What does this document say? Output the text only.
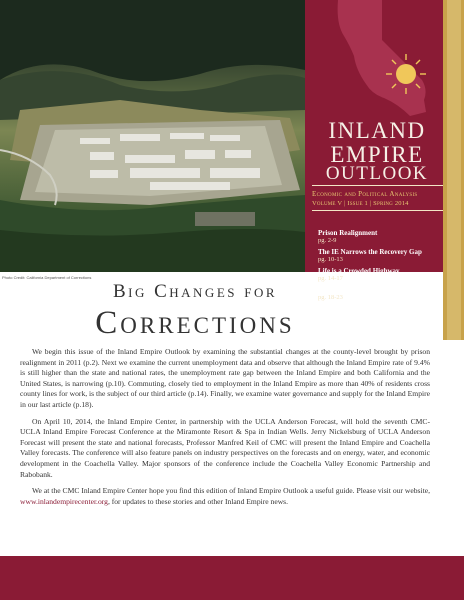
Photo Credit: California Department of Corrections
INLAND
EMPIRE
OUTLOOK
Economic and Political Analysis
Volume V | Issue 1 | Spring 2014
Prison Realignment
pg. 2-9
The IE Narrows the Recovery Gap
pg. 10-13
Life is a Crowded Highway
pg. 14-17
Water in the Inland Empire
pg. 18-23
Big Changes for
Corrections

We begin this issue of the Inland Empire Outlook by examining the substantial changes at the county-level brought by prison realignment in 2011 (p.2). Next we examine the current unemployment data and observe that although the Inland Empire rate of 9.4% is still higher than the state and national rates, the unemployment rate gap between the Inland Empire and both California and the United States, is narrowing (p.10). Commuting, closely tied to employment in the Inland Empire as more than 40% of residents cross county lines for work, is the subject of our third article (p.14). Finally, we examine water governance and supply for the Inland Empire in our last article (p.18).

On April 10, 2014, the Inland Empire Center, in partnership with the UCLA Anderson Forecast, will hold the seventh CMC-UCLA Inland Empire Forecast Conference at the Miramonte Resort & Spa in Indian Wells. Jerry Nickelsburg of UCLA Anderson Forecast will present the state and national forecasts, Professor Manfred Keil of CMC will present the Inland Empire and Coachella Valley forecasts. The conference will also feature panels on industry perspectives on the forecasts and on energy, water, and economic development in the Coachella Valley. Major sponsors of the conference include the Coachella Valley Economic Partnership and Rabobank.

We at the CMC Inland Empire Center hope you find this edition of Inland Empire Outlook a useful guide. Please visit our website, www.inlandempirecenter.org, for updates to these stories and other Inland Empire news.
